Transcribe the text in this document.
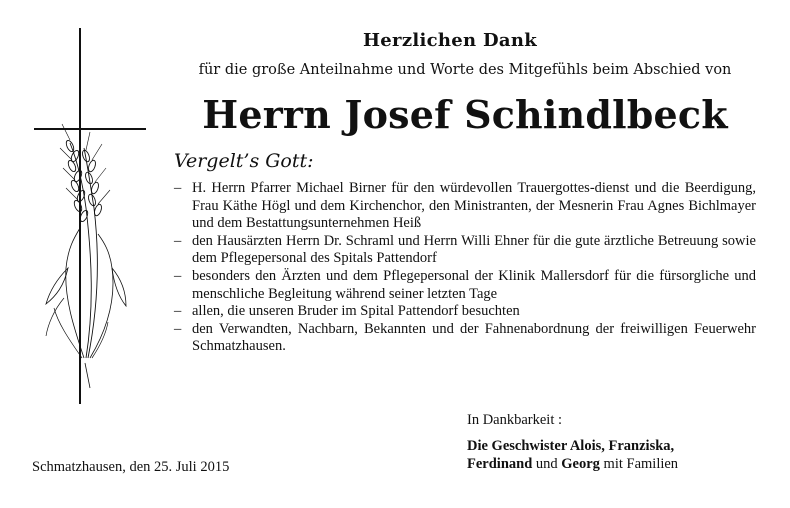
Herzlichen Dank
für die große Anteilnahme und Worte des Mitgefühls beim Abschied von
Herrn Josef Schindlbeck
Vergelt’s Gott:
– H. Herrn Pfarrer Michael Birner für den würdevollen Trauergottes-dienst und die Beerdigung, Frau Käthe Högl und dem Kirchenchor, den Ministranten, der Mesnerin Frau Agnes Bichlmayer und dem Bestattungsunternehmen Heiß
– den Hausärzten Herrn Dr. Schraml und Herrn Willi Ehner für die gute ärztliche Betreuung sowie dem Pflegepersonal des Spitals Pattendorf
– besonders den Ärzten und dem Pflegepersonal der Klinik Mallersdorf für die fürsorgliche und menschliche Begleitung während seiner letzten Tage
– allen, die unseren Bruder im Spital Pattendorf besuchten
– den Verwandten, Nachbarn, Bekannten und der Fahnenabordnung der freiwilligen Feuerwehr Schmatzhausen.
In Dankbarkeit :
Die Geschwister Alois, Franziska,
Ferdinand und Georg mit Familien
Schmatzhausen, den 25. Juli 2015
